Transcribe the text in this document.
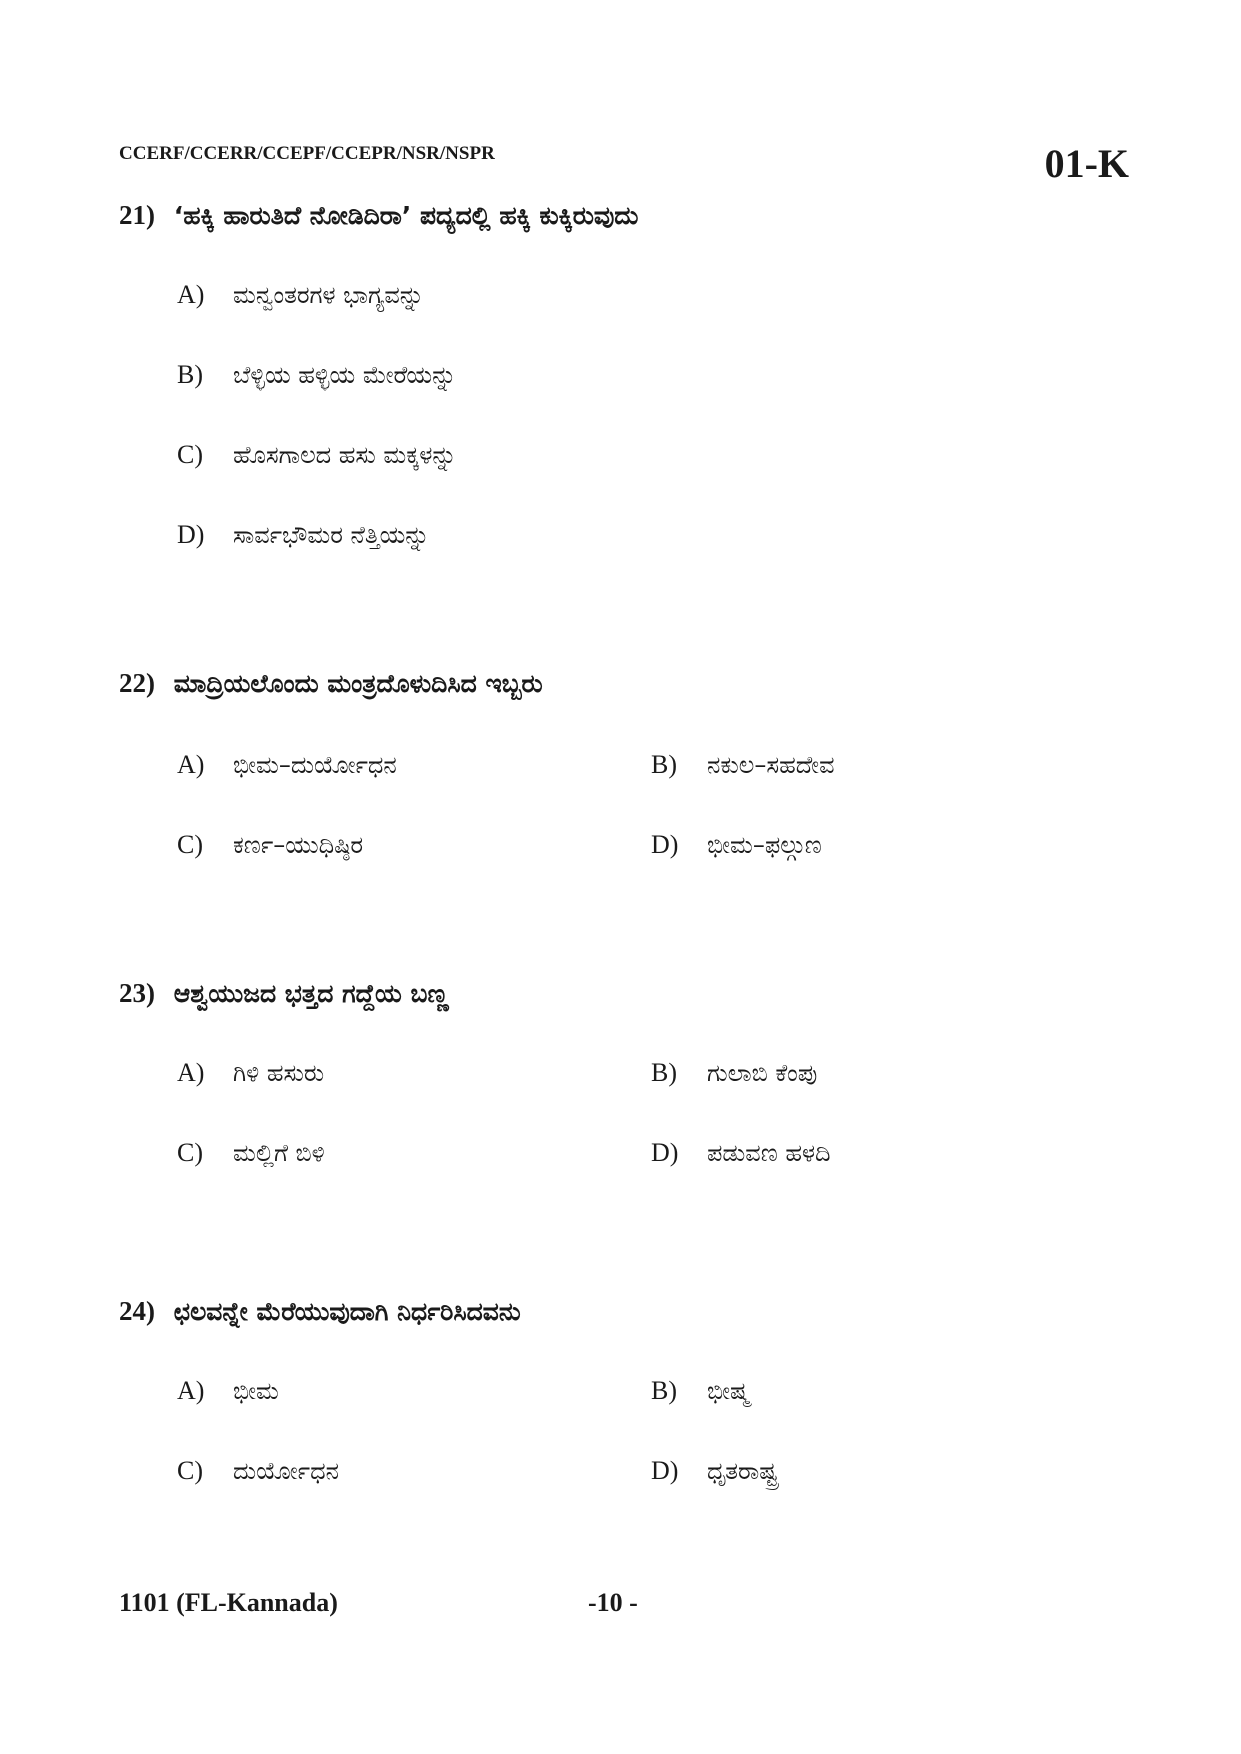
CCERF/CCERR/CCEPF/CCEPR/NSR/NSPR	01-K
21) ‘ಹಕ್ಕಿ ಹಾರುತಿದೆ ನೋಡಿದಿರಾ’ ಪದ್ಯದಲ್ಲಿ ಹಕ್ಕಿ ಕುಕ್ಕಿರುವುದು
A) ಮನ್ವಂತರಗಳ ಭಾಗ್ಯವನ್ನು
B) ಬೆಳ್ಳಿಯ ಹಳ್ಳಿಯ ಮೇರೆಯನ್ನು
C) ಹೊಸಗಾಲದ ಹಸು ಮಕ್ಕಳನ್ನು
D) ಸಾರ್ವಭೌಮರ ನೆತ್ತಿಯನ್ನು
22) ಮಾದ್ರಿಯಲೊಂದು ಮಂತ್ರದೊಳುದಿಸಿದ ಇಬ್ಬರು
A) ಭೀಮ–ದುರ್ಯೋಧನ	B) ನಕುಲ–ಸಹದೇವ
C) ಕರ್ಣ–ಯುಧಿಷ್ಠಿರ	D) ಭೀಮ–ಫಲ್ಗುಣ
23) ಆಶ್ವಯುಜದ ಭತ್ತದ ಗದ್ದೆಯ ಬಣ್ಣ
A) ಗಿಳಿ ಹಸುರು	B) ಗುಲಾಬಿ ಕೆಂಪು
C) ಮಲ್ಲಿಗೆ ಬಿಳಿ	D) ಪಡುವಣ ಹಳದಿ
24) ಛಲವನ್ನೇ ಮೆರೆಯುವುದಾಗಿ ನಿರ್ಧರಿಸಿದವನು
A) ಭೀಮ	B) ಭೀಷ್ಮ
C) ದುರ್ಯೋಧನ	D) ಧೃತರಾಷ್ಟ್ರ
1101 (FL-Kannada)	-10 -
